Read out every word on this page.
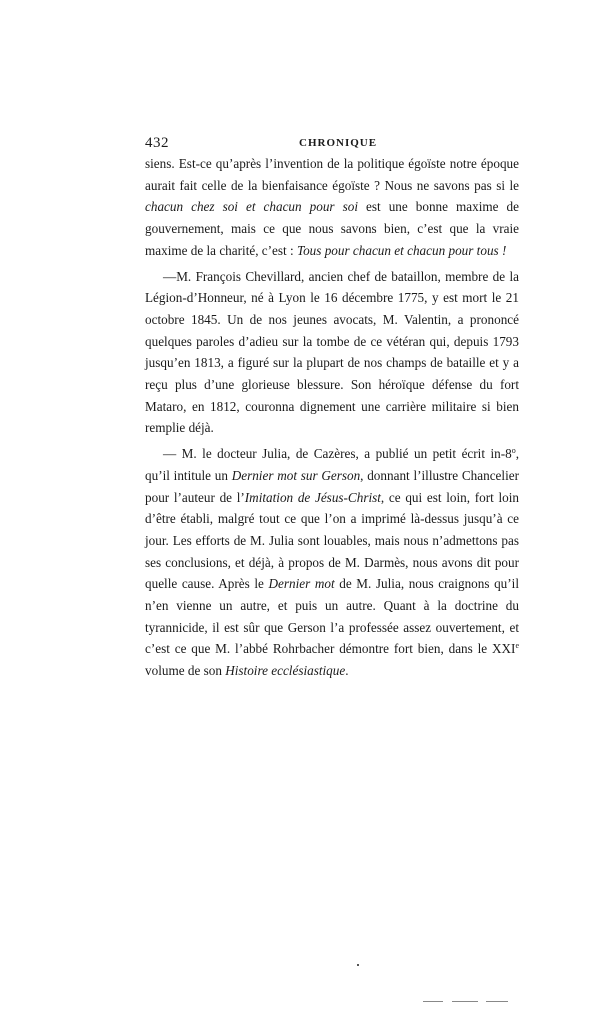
432	CHRONIQUE

siens. Est-ce qu’après l’invention de la politique égoïste notre époque aurait fait celle de la bienfaisance égoïste ? Nous ne savons pas si le chacun chez soi et chacun pour soi est une bonne maxime de gouvernement, mais ce que nous savons bien, c’est que la vraie maxime de la charité, c’est : Tous pour chacun et chacun pour tous !

—M. François Chevillard, ancien chef de bataillon, membre de la Légion-d’Honneur, né à Lyon le 16 décembre 1775, y est mort le 21 octobre 1845. Un de nos jeunes avocats, M. Valentin, a prononcé quelques paroles d’adieu sur la tombe de ce vétéran qui, depuis 1793 jusqu’en 1813, a figuré sur la plupart de nos champs de bataille et y a reçu plus d’une glorieuse blessure. Son héroïque défense du fort Mataro, en 1812, couronna dignement une carrière militaire si bien remplie déjà.

— M. le docteur Julia, de Cazères, a publié un petit écrit in-8$^o$, qu’il intitule un Dernier mot sur Gerson, donnant l’illustre Chancelier pour l’auteur de l’Imitation de Jésus-Christ, ce qui est loin, fort loin d’être établi, malgré tout ce que l’on a imprimé là-dessus jusqu’à ce jour. Les efforts de M. Julia sont louables, mais nous n’admettons pas ses conclusions, et déjà, à propos de M. Darmès, nous avons dit pour quelle cause. Après le Dernier mot de M. Julia, nous craignons qu’il n’en vienne un autre, et puis un autre. Quant à la doctrine du tyrannicide, il est sûr que Gerson l’a professée assez ouvertement, et c’est ce que M. l’abbé Rohrbacher démontre fort bien, dans le XXIe volume de son Histoire ecclésiastique.
